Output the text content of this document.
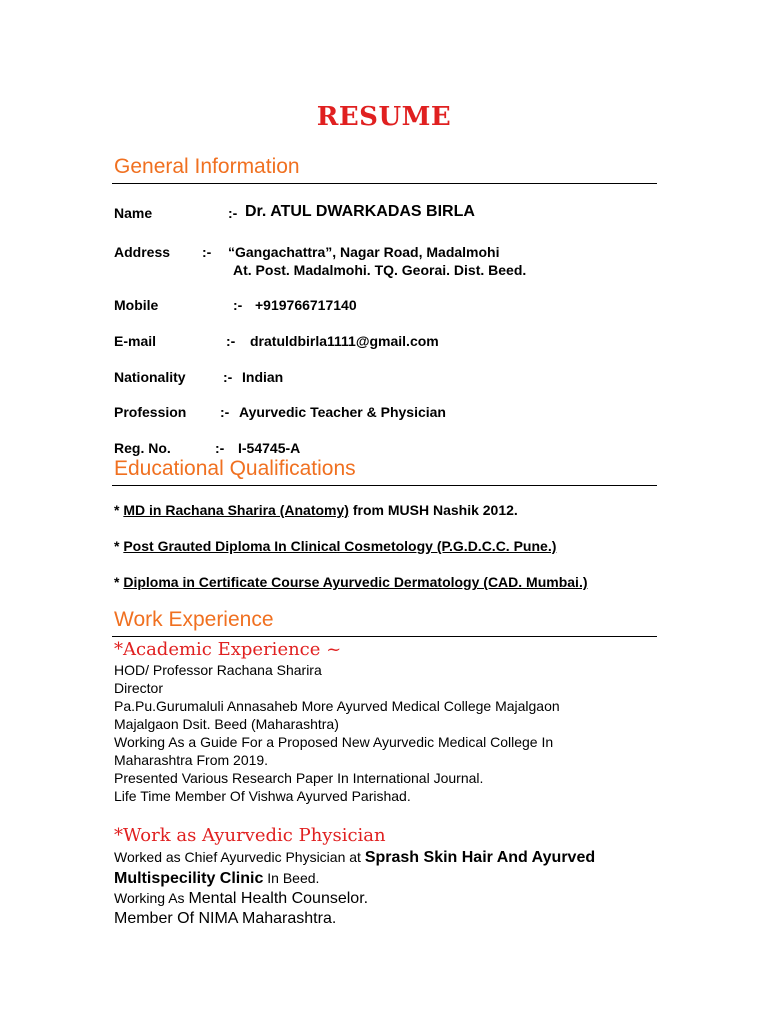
RESUME
General Information
Name	:- Dr. ATUL DWARKADAS BIRLA
Address :- “Gangachattra”, Nagar Road, Madalmohi
At. Post. Madalmohi. TQ. Georai. Dist. Beed.
Mobile	:- +919766717140
E-mail	:- dratuldbirla1111@gmail.com
Nationality	:- Indian
Profession :- Ayurvedic Teacher & Physician
Reg. No.	:- I-54745-A
Educational Qualifications
* MD in Rachana Sharira (Anatomy) from MUSH Nashik 2012.
* Post Grauted Diploma In Clinical Cosmetology (P.G.D.C.C. Pune.)
* Diploma in Certificate Course Ayurvedic Dermatology (CAD. Mumbai.)
Work Experience
*Academic Experience ~
HOD/ Professor Rachana Sharira
Director
Pa.Pu.Gurumaluli Annasaheb More Ayurved Medical College Majalgaon
Majalgaon Dsit. Beed (Maharashtra)
Working As a Guide For a Proposed New Ayurvedic Medical College In
Maharashtra From 2019.
Presented Various Research Paper In International Journal.
Life Time Member Of Vishwa Ayurved Parishad.
*Work as Ayurvedic Physician
Worked as Chief Ayurvedic Physician at Sprash Skin Hair And Ayurved
Multispecility Clinic In Beed.
Working As Mental Health Counselor.
Member Of NIMA Maharashtra.
